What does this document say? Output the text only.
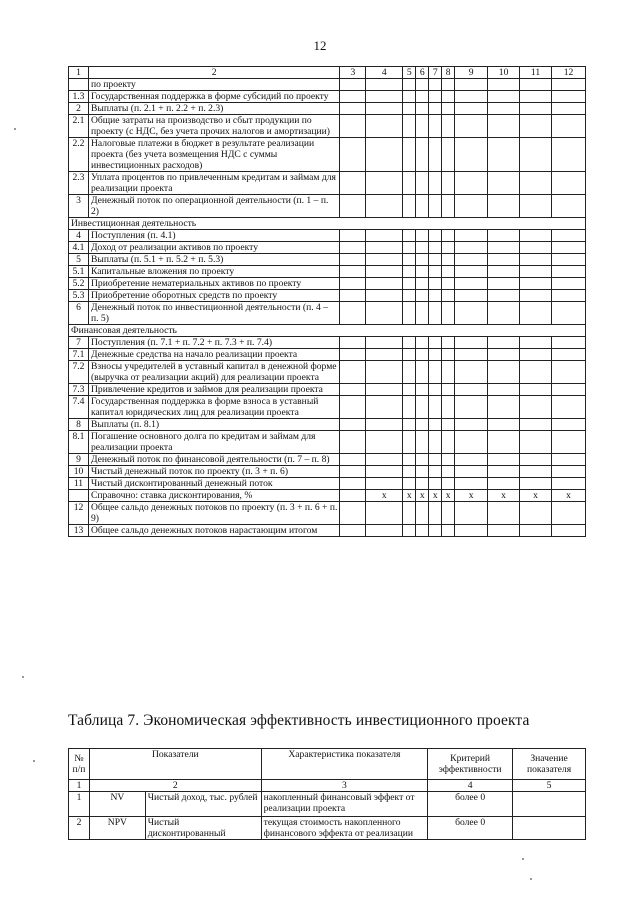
12
1	2	3	4	5	6	7	8	9	10	11	12
	по проекту										
1.3	Государственная поддержка в форме субсидий по проекту										
2	Выплаты (п. 2.1 + п. 2.2 + п. 2.3)										
2.1	Общие затраты на производство и сбыт продукции по проекту (с НДС, без учета прочих налогов и амортизации)										
2.2	Налоговые платежи в бюджет в результате реализации проекта (без учета возмещения НДС с суммы инвестиционных расходов)										
2.3	Уплата процентов по привлеченным кредитам и займам для реализации проекта										
3	Денежный поток по операционной деятельности (п. 1 – п. 2)										
Инвестиционная деятельность											
4	Поступления (п. 4.1)										
4.1	Доход от реализации активов по проекту										
5	Выплаты (п. 5.1 + п. 5.2 + п. 5.3)										
5.1	Капитальные вложения по проекту										
5.2	Приобретение нематериальных активов по проекту										
5.3	Приобретение оборотных средств по проекту										
6	Денежный поток по инвестиционной деятельности (п. 4 – п. 5)										
Финансовая деятельность											
7	Поступления (п. 7.1 + п. 7.2 + п. 7.3 + п. 7.4)										
7.1	Денежные средства на начало реализации проекта										
7.2	Взносы учредителей в уставный капитал в денежной форме (выручка от реализации акций) для реализации проекта										
7.3	Привлечение кредитов и займов для реализации проекта										
7.4	Государственная поддержка в форме взноса в уставный капитал юридических лиц для реализации проекта										
8	Выплаты (п. 8.1)										
8.1	Погашение основного долга по кредитам и займам для реализации проекта										
9	Денежный поток по финансовой деятельности (п. 7 – п. 8)										
10	Чистый денежный поток по проекту (п. 3 + п. 6)										
11	Чистый дисконтированный денежный поток										
	Справочно: ставка дисконтирования, %		x	x	x	x	x	x	x	x	x
12	Общее сальдо денежных потоков по проекту (п. 3 + п. 6 + п. 9)										
13	Общее сальдо денежных потоков нарастающим итогом										
Таблица 7. Экономическая эффективность инвестиционного проекта
№ п/п	Показатели		Характеристика показателя	Критерий эффективности	Значение показателя
1	2		3	4	5
1	NV	Чистый доход, тыс. рублей	накопленный финансовый эффект от реализации проекта	более 0	
2	NPV	Чистый дисконтированный	текущая стоимость накопленного финансового эффекта от реализации	более 0	
